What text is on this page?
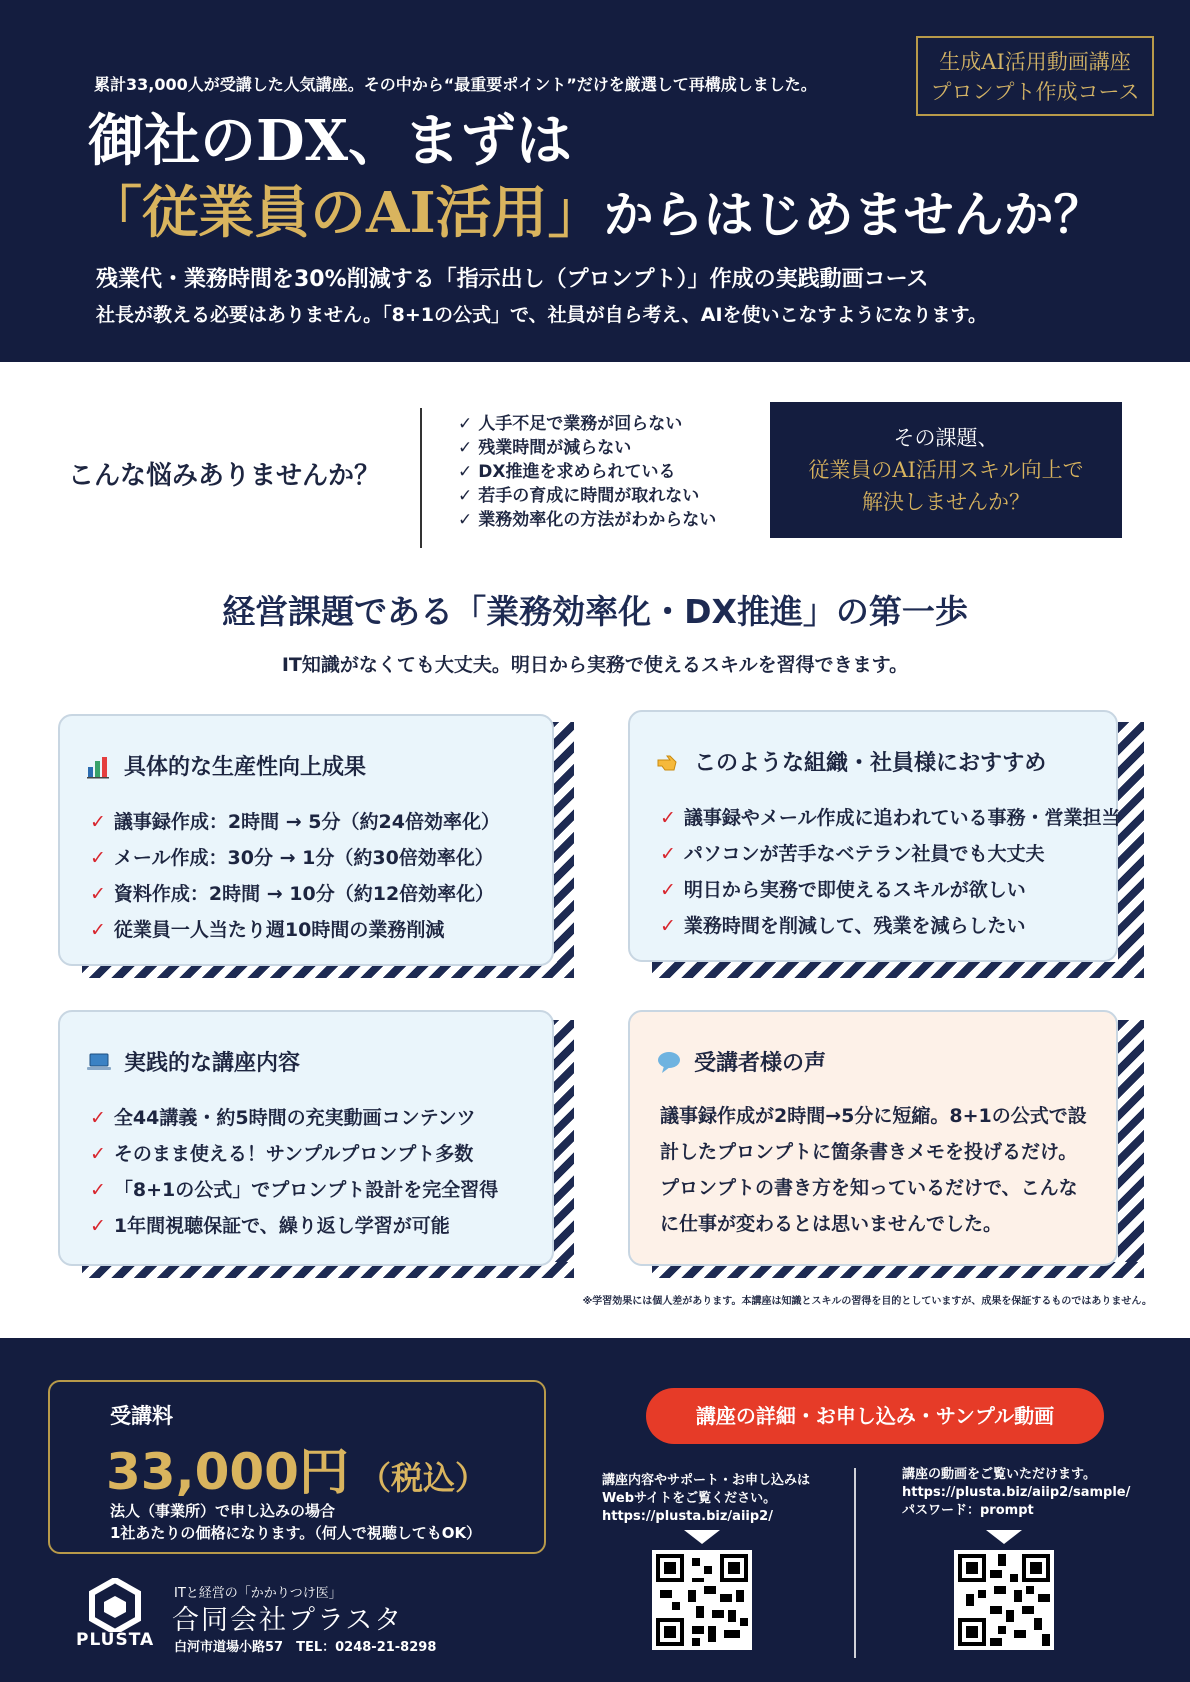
生成AI活用動画講座
プロンプト作成コース
累計33,000人が受講した人気講座。その中から“最重要ポイント”だけを厳選して再構成しました。
御社のDX、まずは
「従業員のAI活用」からはじめませんか？
残業代・業務時間を30%削減する「指示出し（プロンプト）」作成の実践動画コース
社長が教える必要はありません。「8+1の公式」で、社員が自ら考え、AIを使いこなすようになります。
こんな悩みありませんか？
✓ 人手不足で業務が回らない
✓ 残業時間が減らない
✓ DX推進を求められている
✓ 若手の育成に時間が取れない
✓ 業務効率化の方法がわからない
その課題、
従業員のAI活用スキル向上で
解決しませんか？
経営課題である「業務効率化・DX推進」の第一歩
IT知識がなくても大丈夫。明日から実務で使えるスキルを習得できます。
具体的な生産性向上成果
✓ 議事録作成：2時間 → 5分（約24倍効率化）
✓ メール作成：30分 → 1分（約30倍効率化）
✓ 資料作成：2時間 → 10分（約12倍効率化）
✓ 従業員一人当たり週10時間の業務削減
このような組織・社員様におすすめ
✓ 議事録やメール作成に追われている事務・営業担当
✓ パソコンが苦手なベテラン社員でも大丈夫
✓ 明日から実務で即使えるスキルが欲しい
✓ 業務時間を削減して、残業を減らしたい
実践的な講座内容
✓ 全44講義・約5時間の充実動画コンテンツ
✓ そのまま使える！サンプルプロンプト多数
✓ 「8+1の公式」でプロンプト設計を完全習得
✓ 1年間視聴保証で、繰り返し学習が可能
受講者様の声
議事録作成が2時間→5分に短縮。8+1の公式で設計したプロンプトに箇条書きメモを投げるだけ。プロンプトの書き方を知っているだけで、こんなに仕事が変わるとは思いませんでした。
※学習効果には個人差があります。本講座は知識とスキルの習得を目的としていますが、成果を保証するものではありません。
受講料
33,000円 （税込）
法人（事業所）で申し込みの場合
1社あたりの価格になります。（何人で視聴してもOK）
講座の詳細・お申し込み・サンプル動画
講座内容やサポート・お申し込みは
Webサイトをご覧ください。
https://plusta.biz/aiip2/
講座の動画をご覧いただけます。
https://plusta.biz/aiip2/sample/
パスワード：prompt
PLUSTA
ITと経営の「かかりつけ医」
合同会社プラスタ
白河市道場小路57　TEL：0248-21-8298
